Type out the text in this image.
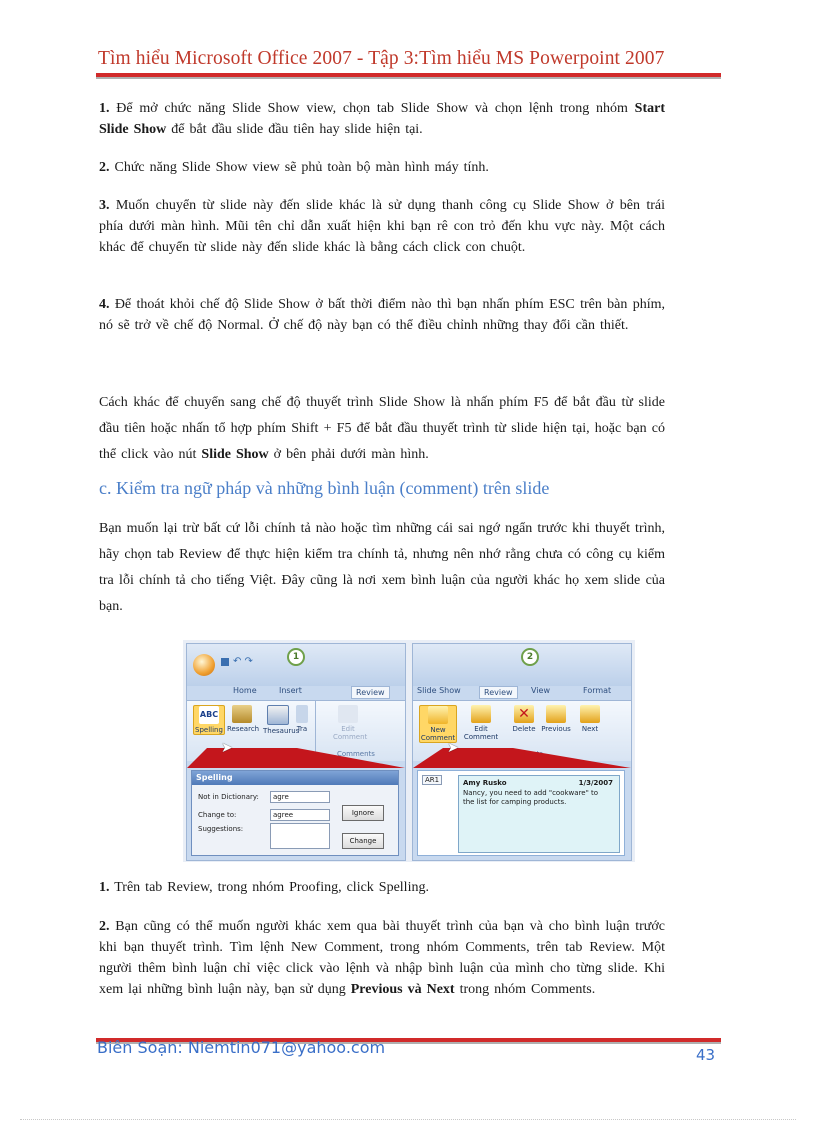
Tìm hiểu Microsoft Office 2007 - Tập 3:Tìm hiểu MS Powerpoint 2007
1. Để mở chức năng Slide Show view, chọn tab Slide Show và chọn lệnh trong nhóm Start Slide Show để bắt đầu slide đầu tiên hay slide hiện tại.
2. Chức năng Slide Show view sẽ phủ toàn bộ màn hình máy tính.
3. Muốn chuyển từ slide này đến slide khác là sử dụng thanh công cụ Slide Show ở bên trái phía dưới màn hình. Mũi tên chỉ dẫn xuất hiện khi bạn rê con trỏ đến khu vực này. Một cách khác để chuyển từ slide này đến slide khác là bằng cách click con chuột.
4. Để thoát khỏi chế độ Slide Show ở bất thời điểm nào thì bạn nhấn phím ESC trên bàn phím, nó sẽ trở về chế độ Normal. Ở chế độ này bạn có thể điều chỉnh những thay đổi cần thiết.
Cách khác để chuyển sang chế độ thuyết trình Slide Show là nhấn phím F5 để bắt đầu từ slide đầu tiên hoặc nhấn tổ hợp phím Shift + F5 để bắt đầu thuyết trình từ slide hiện tại, hoặc bạn có thể click vào nút Slide Show ở bên phải dưới màn hình.
c. Kiểm tra ngữ pháp và những bình luận (comment) trên slide
Bạn muốn lại trừ bất cứ lỗi chính tả nào hoặc tìm những cái sai ngớ ngẩn trước khi thuyết trình, hãy chọn tab Review để thực hiện kiểm tra chính tả, nhưng nên nhớ rằng chưa có công cụ kiểm tra lỗi chính tả cho tiếng Việt. Đây cũng là nơi xem bình luận của người khác họ xem slide của bạn.
↶ ↷	1
Home	Insert	Review
ABC
Spelling Research Thesaurus
Tra	Edit
Comment
Comments
➤
Spelling
Not in Dictionary:	agre
Change to:	agree
Suggestions:
Ignore
Change
2
Slide Show	Review	View	Format
New Comment
Edit Comment
✕
Delete Previous	Next
➤
AR1	Amy Rusko	1/3/2007
Nancy, you need to add "cookware" to the list for camping products.
1. Trên tab Review, trong nhóm Proofing, click Spelling.
2. Bạn cũng có thể muốn người khác xem qua bài thuyết trình của bạn và cho bình luận trước khi bạn thuyết trình. Tìm lệnh New Comment, trong nhóm Comments, trên tab Review. Một người thêm bình luận chỉ việc click vào lệnh và nhập bình luận của mình cho từng slide. Khi xem lại những bình luận này, bạn sử dụng Previous và Next trong nhóm Comments.
Biên Soạn: Niemtin071@yahoo.com	43
